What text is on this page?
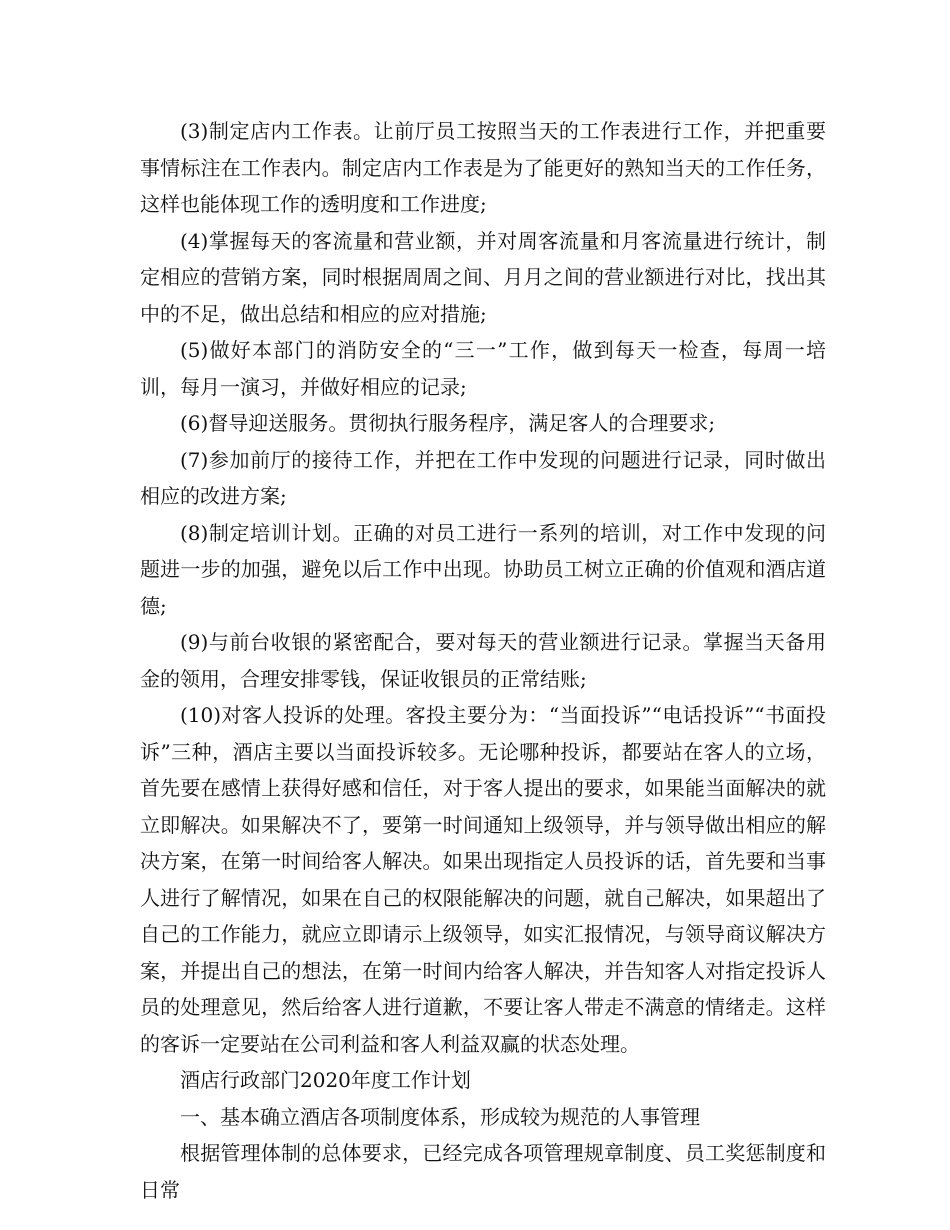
(3)制定店内工作表。让前厅员工按照当天的工作表进行工作，并把重要事情标注在工作表内。制定店内工作表是为了能更好的熟知当天的工作任务，这样也能体现工作的透明度和工作进度;

(4)掌握每天的客流量和营业额，并对周客流量和月客流量进行统计，制定相应的营销方案，同时根据周周之间、月月之间的营业额进行对比，找出其中的不足，做出总结和相应的应对措施;

(5)做好本部门的消防安全的“三一”工作，做到每天一检查，每周一培训，每月一演习，并做好相应的记录;

(6)督导迎送服务。贯彻执行服务程序，满足客人的合理要求;

(7)参加前厅的接待工作，并把在工作中发现的问题进行记录，同时做出相应的改进方案;

(8)制定培训计划。正确的对员工进行一系列的培训，对工作中发现的问题进一步的加强，避免以后工作中出现。协助员工树立正确的价值观和酒店道德;

(9)与前台收银的紧密配合，要对每天的营业额进行记录。掌握当天备用金的领用，合理安排零钱，保证收银员的正常结账;

(10)对客人投诉的处理。客投主要分为：“当面投诉”“电话投诉”“书面投诉”三种，酒店主要以当面投诉较多。无论哪种投诉，都要站在客人的立场，首先要在感情上获得好感和信任，对于客人提出的要求，如果能当面解决的就立即解决。如果解决不了，要第一时间通知上级领导，并与领导做出相应的解决方案，在第一时间给客人解决。如果出现指定人员投诉的话，首先要和当事人进行了解情况，如果在自己的权限能解决的问题，就自己解决，如果超出了自己的工作能力，就应立即请示上级领导，如实汇报情况，与领导商议解决方案，并提出自己的想法，在第一时间内给客人解决，并告知客人对指定投诉人员的处理意见，然后给客人进行道歉，不要让客人带走不满意的情绪走。这样的客诉一定要站在公司利益和客人利益双赢的状态处理。

酒店行政部门2020年度工作计划

一、基本确立酒店各项制度体系，形成较为规范的人事管理

根据管理体制的总体要求，已经完成各项管理规章制度、员工奖惩制度和日常
